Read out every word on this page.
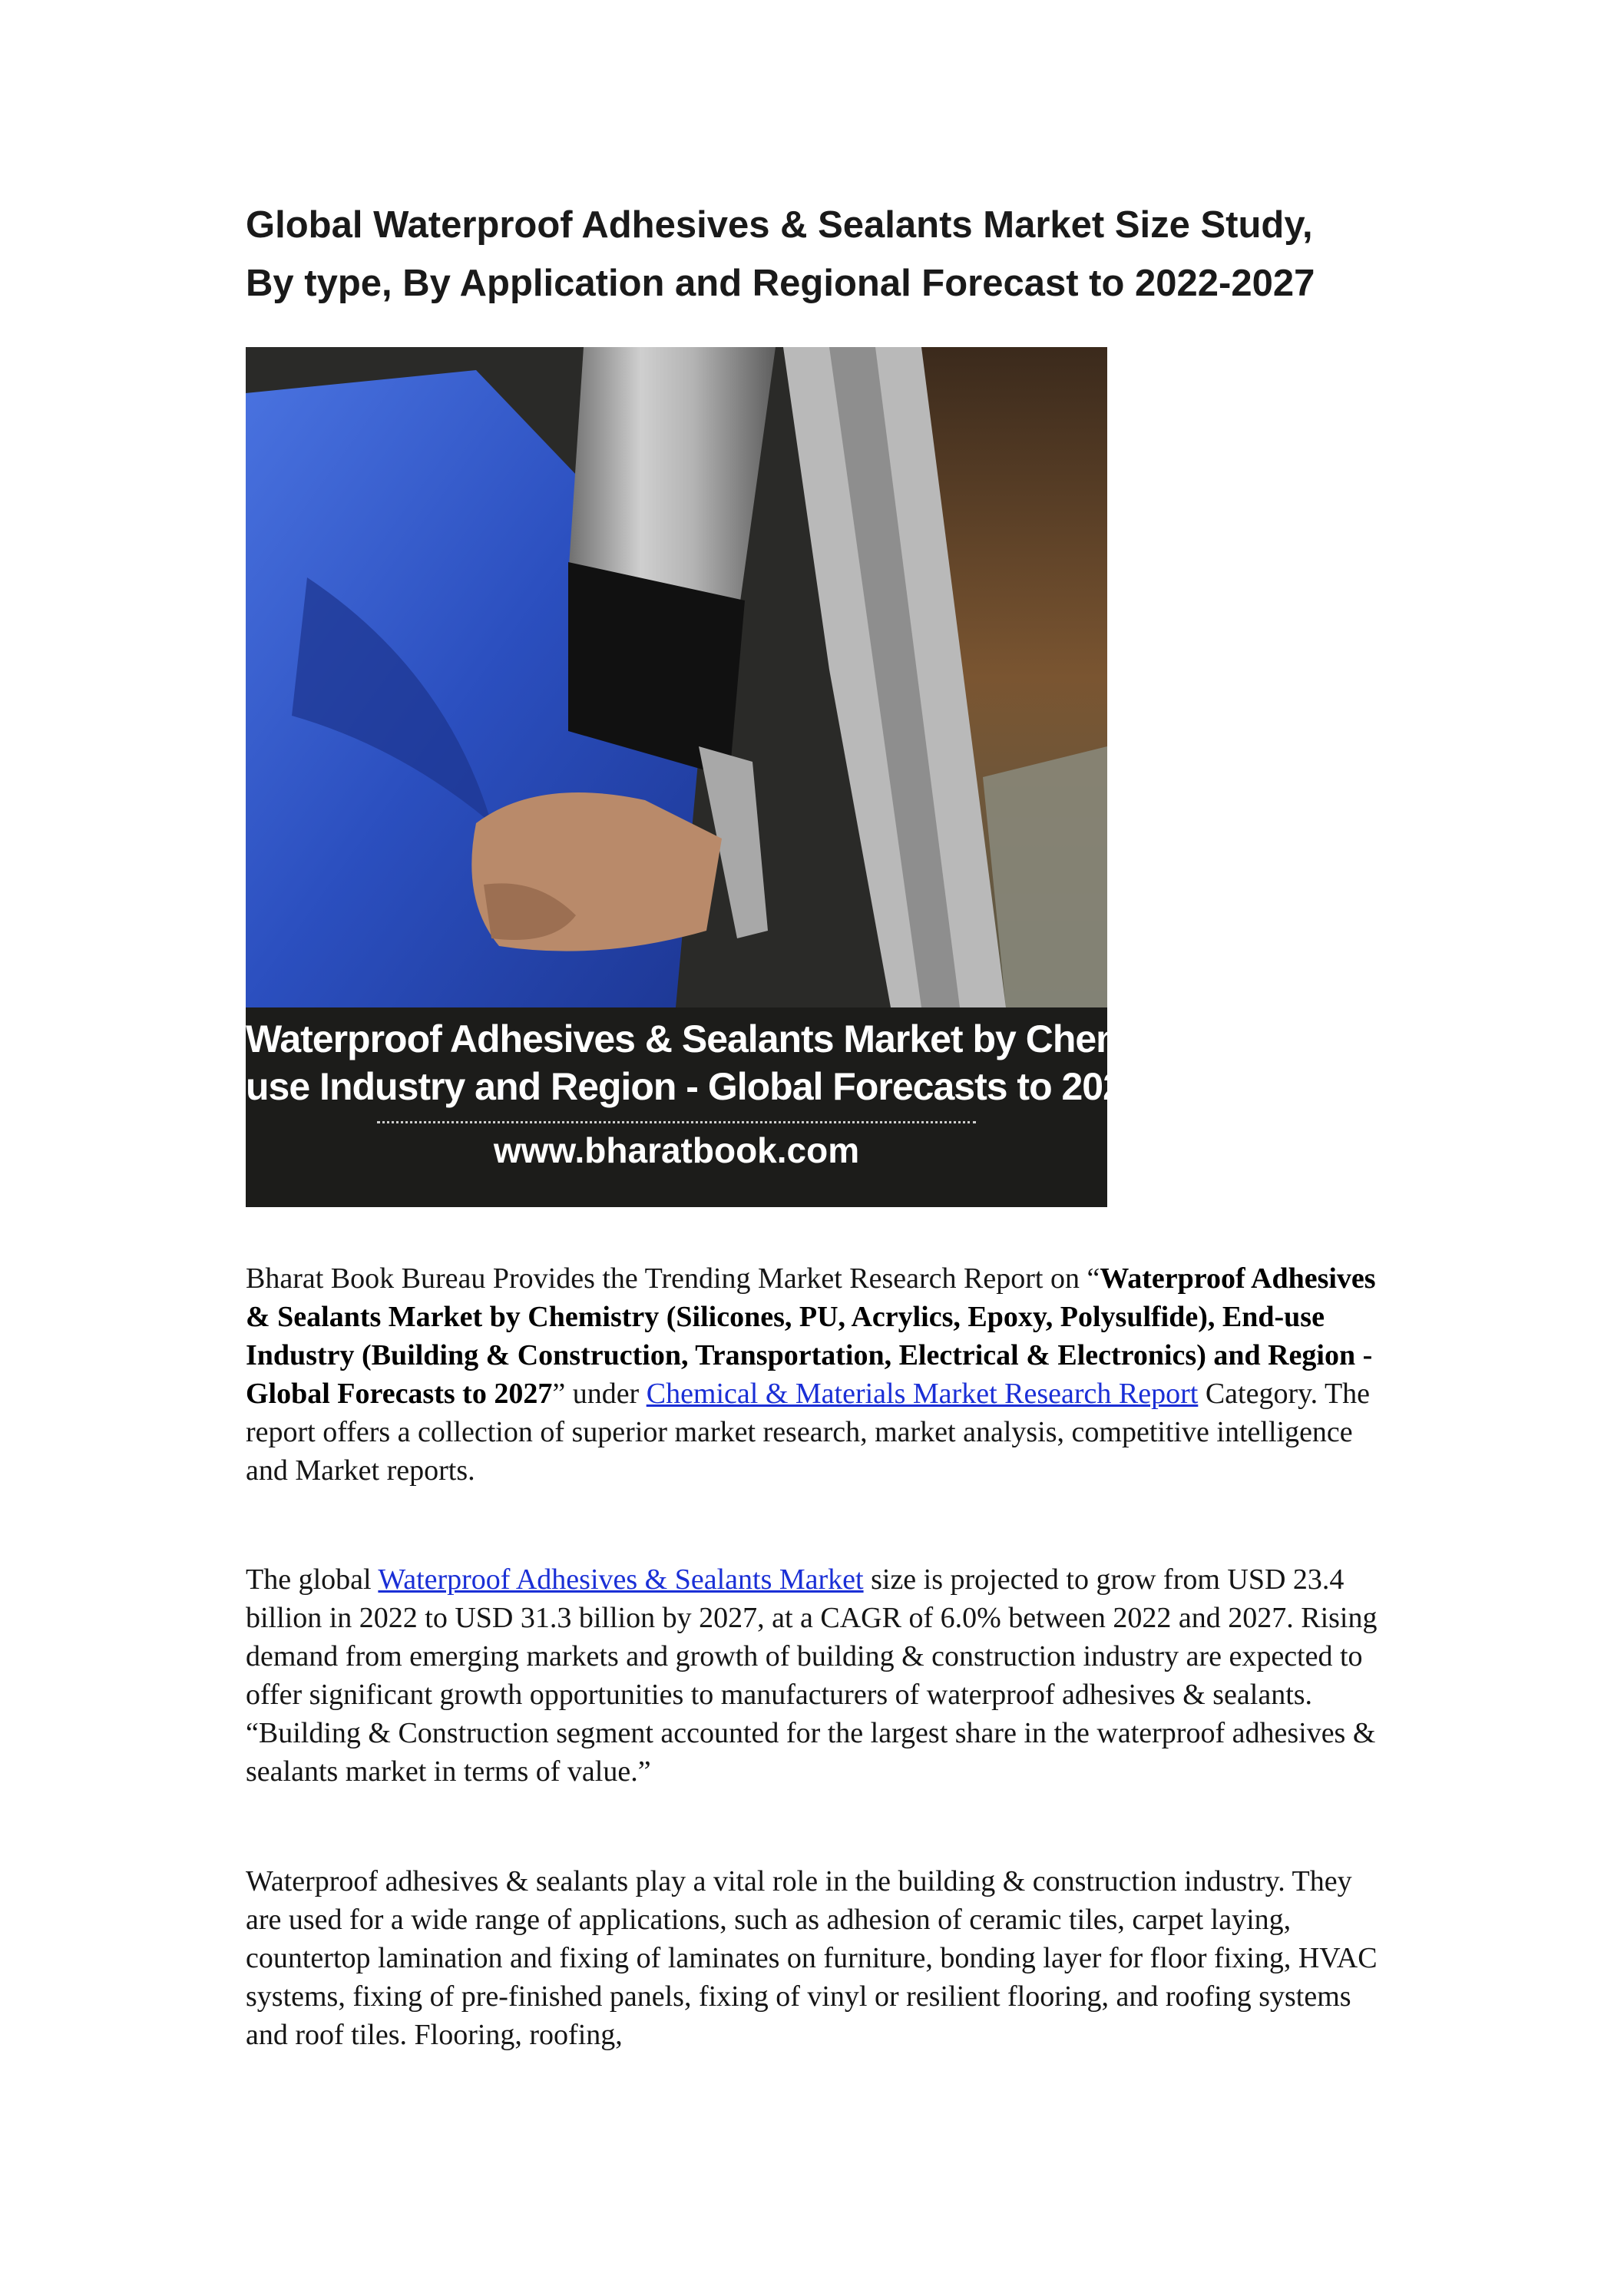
Global Waterproof Adhesives & Sealants Market Size Study,
By type, By Application and Regional Forecast to 2022-2027
Waterproof Adhesives & Sealants Market by Chemistry, End-
use Industry and Region - Global Forecasts to 2027
www.bharatbook.com

Bharat Book Bureau Provides the Trending Market Research Report on “Waterproof Adhesives & Sealants Market by Chemistry (Silicones, PU, Acrylics, Epoxy, Polysulfide), End-use Industry (Building & Construction, Transportation, Electrical & Electronics) and Region - Global Forecasts to 2027” under Chemical & Materials Market Research Report Category. The report offers a collection of superior market research, market analysis, competitive intelligence and Market reports.

The global Waterproof Adhesives & Sealants Market size is projected to grow from USD 23.4 billion in 2022 to USD 31.3 billion by 2027, at a CAGR of 6.0% between 2022 and 2027. Rising demand from emerging markets and growth of building & construction industry are expected to offer significant growth opportunities to manufacturers of waterproof adhesives & sealants. “Building & Construction segment accounted for the largest share in the waterproof adhesives & sealants market in terms of value.”

Waterproof adhesives & sealants play a vital role in the building & construction industry. They are used for a wide range of applications, such as adhesion of ceramic tiles, carpet laying, countertop lamination and fixing of laminates on furniture, bonding layer for floor fixing, HVAC systems, fixing of pre-finished panels, fixing of vinyl or resilient flooring, and roofing systems and roof tiles. Flooring, roofing,
